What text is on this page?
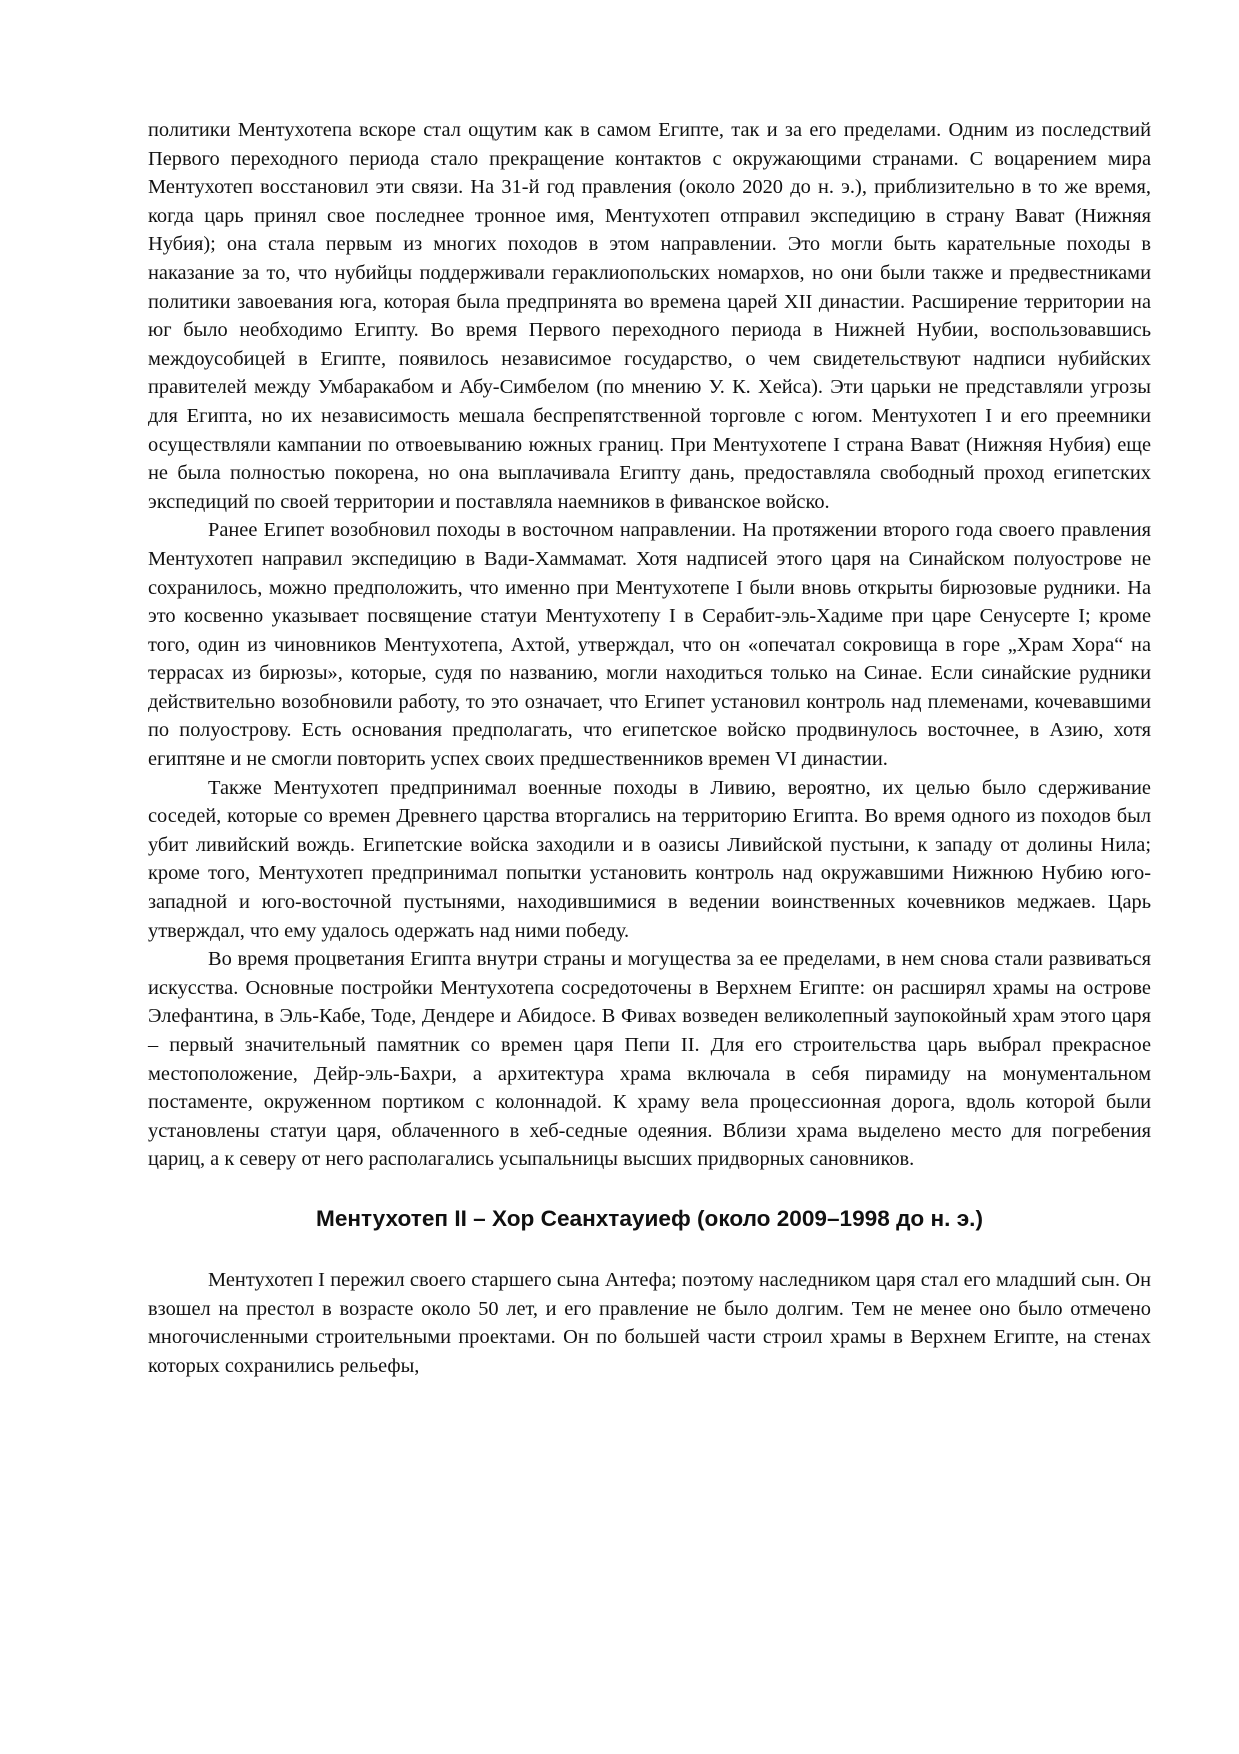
политики Ментухотепа вскоре стал ощутим как в самом Египте, так и за его пределами. Одним из последствий Первого переходного периода стало прекращение контактов с окружающими странами. С воцарением мира Ментухотеп восстановил эти связи. На 31-й год правления (около 2020 до н. э.), приблизительно в то же время, когда царь принял свое последнее тронное имя, Ментухотеп отправил экспедицию в страну Вават (Нижняя Нубия); она стала первым из многих походов в этом направлении. Это могли быть карательные походы в наказание за то, что нубийцы поддерживали гераклиопольских номархов, но они были также и предвестниками политики завоевания юга, которая была предпринята во времена царей XII династии. Расширение территории на юг было необходимо Египту. Во время Первого переходного периода в Нижней Нубии, воспользовавшись междоусобицей в Египте, появилось независимое государство, о чем свидетельствуют надписи нубийских правителей между Умбаракабом и Абу-Симбелом (по мнению У. К. Хейса). Эти царьки не представляли угрозы для Египта, но их независимость мешала беспрепятственной торговле с югом. Ментухотеп I и его преемники осуществляли кампании по отвоевыванию южных границ. При Ментухотепе I страна Вават (Нижняя Нубия) еще не была полностью покорена, но она выплачивала Египту дань, предоставляла свободный проход египетских экспедиций по своей территории и поставляла наемников в фиванское войско.

Ранее Египет возобновил походы в восточном направлении. На протяжении второго года своего правления Ментухотеп направил экспедицию в Вади-Хаммамат. Хотя надписей этого царя на Синайском полуострове не сохранилось, можно предположить, что именно при Ментухотепе I были вновь открыты бирюзовые рудники. На это косвенно указывает посвящение статуи Ментухотепу I в Серабит-эль-Хадиме при царе Сенусерте I; кроме того, один из чиновников Ментухотепа, Ахтой, утверждал, что он «опечатал сокровища в горе „Храм Хора“ на террасах из бирюзы», которые, судя по названию, могли находиться только на Синае. Если синайские рудники действительно возобновили работу, то это означает, что Египет установил контроль над племенами, кочевавшими по полуострову. Есть основания предполагать, что египетское войско продвинулось восточнее, в Азию, хотя египтяне и не смогли повторить успех своих предшественников времен VI династии.

Также Ментухотеп предпринимал военные походы в Ливию, вероятно, их целью было сдерживание соседей, которые со времен Древнего царства вторгались на территорию Египта. Во время одного из походов был убит ливийский вождь. Египетские войска заходили и в оазисы Ливийской пустыни, к западу от долины Нила; кроме того, Ментухотеп предпринимал попытки установить контроль над окружавшими Нижнюю Нубию юго-западной и юго-восточной пустынями, находившимися в ведении воинственных кочевников меджаев. Царь утверждал, что ему удалось одержать над ними победу.

Во время процветания Египта внутри страны и могущества за ее пределами, в нем снова стали развиваться искусства. Основные постройки Ментухотепа сосредоточены в Верхнем Египте: он расширял храмы на острове Элефантина, в Эль-Кабе, Тоде, Дендере и Абидосе. В Фивах возведен великолепный заупокойный храм этого царя – первый значительный памятник со времен царя Пепи II. Для его строительства царь выбрал прекрасное местоположение, Дейр-эль-Бахри, а архитектура храма включала в себя пирамиду на монументальном постаменте, окруженном портиком с колоннадой. К храму вела процессионная дорога, вдоль которой были установлены статуи царя, облаченного в хеб-седные одеяния. Вблизи храма выделено место для погребения цариц, а к северу от него располагались усыпальницы высших придворных сановников.

Ментухотеп II – Хор Сеанхтауиеф (около 2009–1998 до н. э.)

Ментухотеп I пережил своего старшего сына Антефа; поэтому наследником царя стал его младший сын. Он взошел на престол в возрасте около 50 лет, и его правление не было долгим. Тем не менее оно было отмечено многочисленными строительными проектами. Он по большей части строил храмы в Верхнем Египте, на стенах которых сохранились рельефы,
